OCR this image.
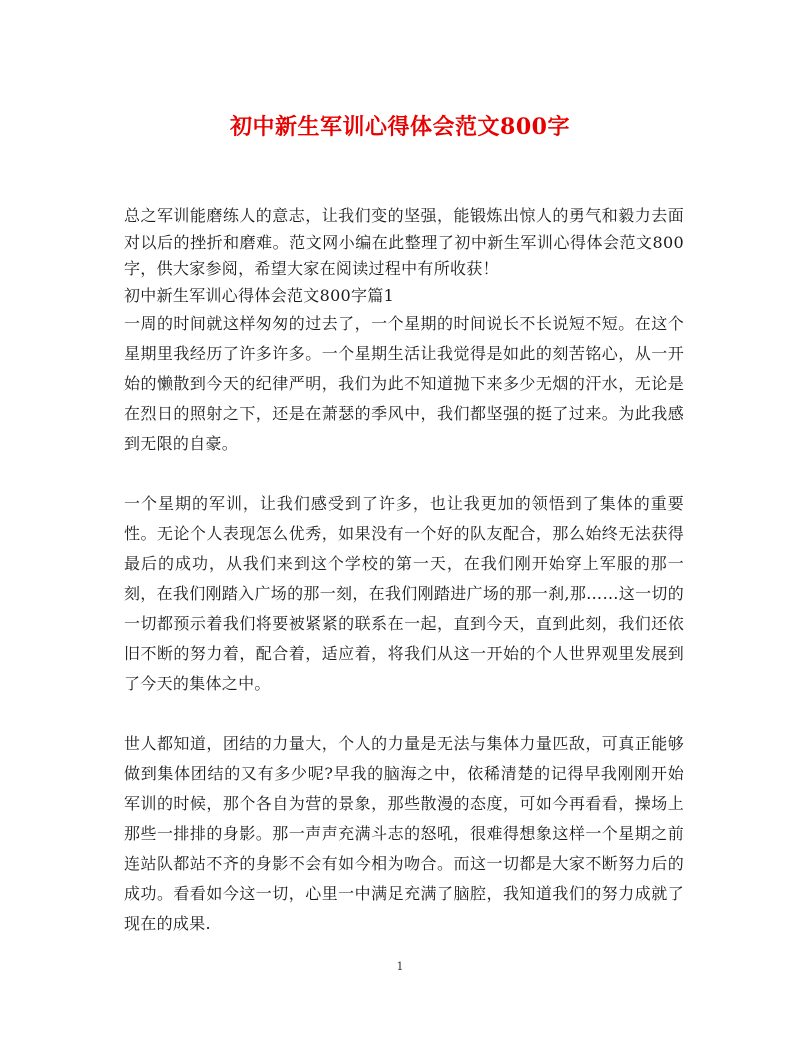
初中新生军训心得体会范文800字

总之军训能磨练人的意志，让我们变的坚强，能锻炼出惊人的勇气和毅力去面对以后的挫折和磨难。范文网小编在此整理了初中新生军训心得体会范文800字，供大家参阅，希望大家在阅读过程中有所收获！

初中新生军训心得体会范文800字篇1

一周的时间就这样匆匆的过去了，一个星期的时间说长不长说短不短。在这个星期里我经历了许多许多。一个星期生活让我觉得是如此的刻苦铭心，从一开始的懒散到今天的纪律严明，我们为此不知道抛下来多少无烟的汗水，无论是在烈日的照射之下，还是在萧瑟的季风中，我们都坚强的挺了过来。为此我感到无限的自豪。

一个星期的军训，让我们感受到了许多，也让我更加的领悟到了集体的重要性。无论个人表现怎么优秀，如果没有一个好的队友配合，那么始终无法获得最后的成功，从我们来到这个学校的第一天，在我们刚开始穿上军服的那一刻，在我们刚踏入广场的那一刻，在我们刚踏进广场的那一刹,那……这一切的一切都预示着我们将要被紧紧的联系在一起，直到今天，直到此刻，我们还依旧不断的努力着，配合着，适应着，将我们从这一开始的个人世界观里发展到了今天的集体之中。

世人都知道，团结的力量大，个人的力量是无法与集体力量匹敌，可真正能够做到集体团结的又有多少呢?早我的脑海之中，依稀清楚的记得早我刚刚开始军训的时候，那个各自为营的景象，那些散漫的态度，可如今再看看，操场上那些一排排的身影。那一声声充满斗志的怒吼，很难得想象这样一个星期之前连站队都站不齐的身影不会有如今相为吻合。而这一切都是大家不断努力后的成功。看看如今这一切，心里一中满足充满了脑腔，我知道我们的努力成就了现在的成果.

1
